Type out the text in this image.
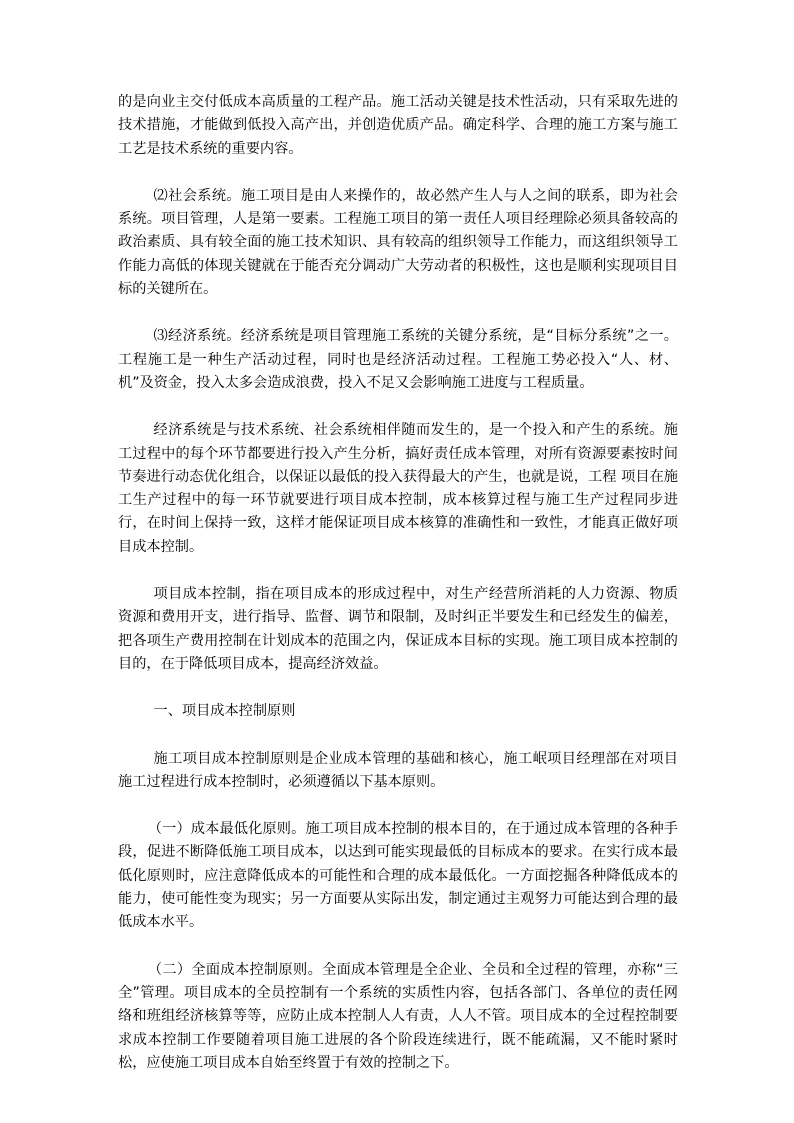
的是向业主交付低成本高质量的工程产品。施工活动关键是技术性活动，只有采取先进的技术措施，才能做到低投入高产出，并创造优质产品。确定科学、合理的施工方案与施工工艺是技术系统的重要内容。

⑵社会系统。施工项目是由人来操作的，故必然产生人与人之间的联系，即为社会系统。项目管理，人是第一要素。工程施工项目的第一责任人项目经理除必须具备较高的政治素质、具有较全面的施工技术知识、具有较高的组织领导工作能力，而这组织领导工作能力高低的体现关键就在于能否充分调动广大劳动者的积极性，这也是顺利实现项目目标的关键所在。

⑶经济系统。经济系统是项目管理施工系统的关键分系统，是“目标分系统”之一。工程施工是一种生产活动过程，同时也是经济活动过程。工程施工势必投入“人、材、机”及资金，投入太多会造成浪费，投入不足又会影响施工进度与工程质量。

经济系统是与技术系统、社会系统相伴随而发生的，是一个投入和产生的系统。施工过程中的每个环节都要进行投入产生分析，搞好责任成本管理，对所有资源要素按时间节奏进行动态优化组合，以保证以最低的投入获得最大的产生，也就是说，工程 项目在施工生产过程中的每一环节就要进行项目成本控制，成本核算过程与施工生产过程同步进行，在时间上保持一致，这样才能保证项目成本核算的准确性和一致性，才能真正做好项目成本控制。

项目成本控制，指在项目成本的形成过程中，对生产经营所消耗的人力资源、物质资源和费用开支，进行指导、监督、调节和限制，及时纠正半要发生和已经发生的偏差，把各项生产费用控制在计划成本的范围之内，保证成本目标的实现。施工项目成本控制的目的，在于降低项目成本，提高经济效益。

一、项目成本控制原则

施工项目成本控制原则是企业成本管理的基础和核心，施工岷项目经理部在对项目施工过程进行成本控制时，必须遵循以下基本原则。

（一）成本最低化原则。施工项目成本控制的根本目的，在于通过成本管理的各种手段，促进不断降低施工项目成本，以达到可能实现最低的目标成本的要求。在实行成本最低化原则时，应注意降低成本的可能性和合理的成本最低化。一方面挖掘各种降低成本的能力，使可能性变为现实；另一方面要从实际出发，制定通过主观努力可能达到合理的最低成本水平。

（二）全面成本控制原则。全面成本管理是全企业、全员和全过程的管理，亦称“三全”管理。项目成本的全员控制有一个系统的实质性内容，包括各部门、各单位的责任网络和班组经济核算等等，应防止成本控制人人有责，人人不管。项目成本的全过程控制要求成本控制工作要随着项目施工进展的各个阶段连续进行，既不能疏漏，又不能时紧时松，应使施工项目成本自始至终置于有效的控制之下。
